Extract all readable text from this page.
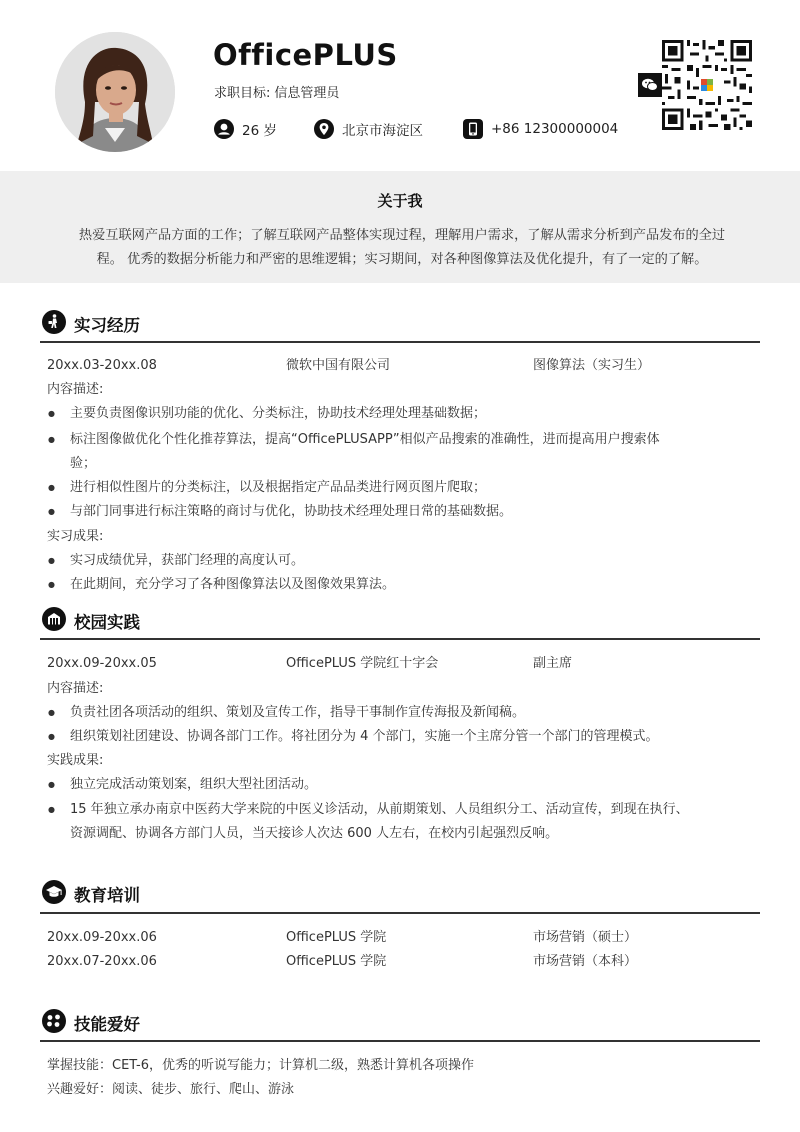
OfficePLUS
求职目标: 信息管理员
26 岁	北京市海淀区	+86 12300000004
关于我
热爱互联网产品方面的工作；了解互联网产品整体实现过程，理解用户需求，了解从需求分析到产品发布的全过
程。 优秀的数据分析能力和严密的思维逻辑；实习期间，对各种图像算法及优化提升，有了一定的了解。
实习经历
20xx.03-20xx.08	微软中国有限公司	图像算法（实习生）
内容描述:
● 主要负责图像识别功能的优化、分类标注，协助技术经理处理基础数据；
● 标注图像做优化个性化推荐算法，提高“OfficePLUSAPP”相似产品搜索的准确性，进而提高用户搜索体
验；
● 进行相似性图片的分类标注，以及根据指定产品品类进行网页图片爬取；
● 与部门同事进行标注策略的商讨与优化，协助技术经理处理日常的基础数据。
实习成果:
● 实习成绩优异，获部门经理的高度认可。
● 在此期间，充分学习了各种图像算法以及图像效果算法。
校园实践
20xx.09-20xx.05	OfficePLUS 学院红十字会	副主席
内容描述:
● 负责社团各项活动的组织、策划及宣传工作，指导干事制作宣传海报及新闻稿。
● 组织策划社团建设、协调各部门工作。将社团分为 4 个部门，实施一个主席分管一个部门的管理模式。
实践成果:
● 独立完成活动策划案，组织大型社团活动。
● 15 年独立承办南京中医药大学来院的中医义诊活动，从前期策划、人员组织分工、活动宣传，到现在执行、
资源调配、协调各方部门人员，当天接诊人次达 600 人左右，在校内引起强烈反响。
教育培训
20xx.09-20xx.06	OfficePLUS 学院	市场营销（硕士）
20xx.07-20xx.06	OfficePLUS 学院	市场营销（本科）
技能爱好
掌握技能：CET-6，优秀的听说写能力；计算机二级，熟悉计算机各项操作
兴趣爱好：阅读、徒步、旅行、爬山、游泳
